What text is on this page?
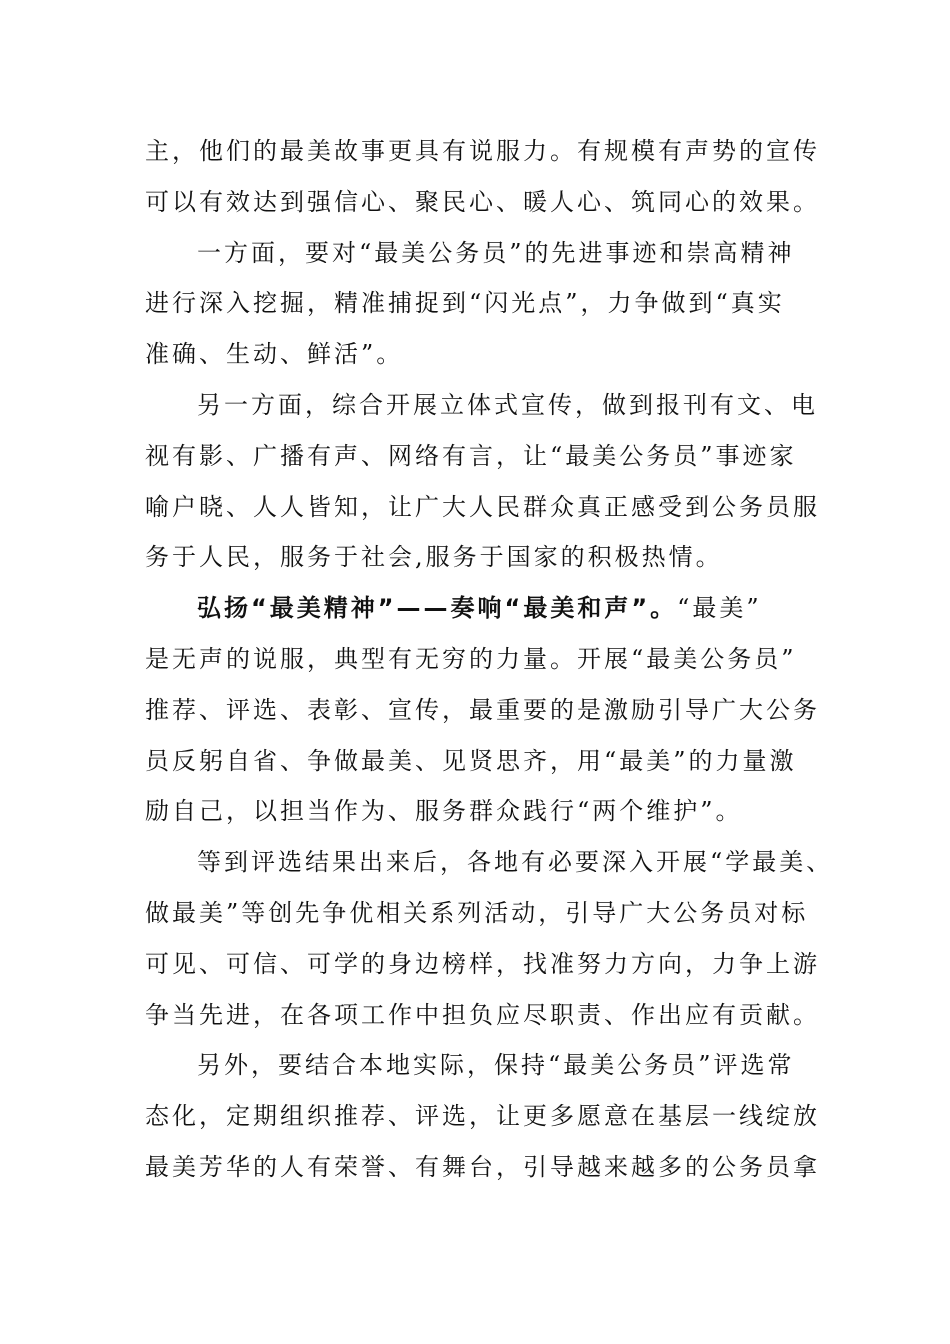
主，他们的最美故事更具有说服力。有规模有声势的宣传

可以有效达到强信心、聚民心、暖人心、筑同心的效果。

一方面，要对“最美公务员”的先进事迹和崇高精神

进行深入挖掘，精准捕捉到“闪光点”，力争做到“真实

准确、生动、鲜活”。

另一方面，综合开展立体式宣传，做到报刊有文、电

视有影、广播有声、网络有言，让“最美公务员”事迹家

喻户晓、人人皆知，让广大人民群众真正感受到公务员服

务于人民，服务于社会,服务于国家的积极热情。

弘扬“最美精神”——奏响“最美和声”。“最美”

是无声的说服，典型有无穷的力量。开展“最美公务员”

推荐、评选、表彰、宣传，最重要的是激励引导广大公务

员反躬自省、争做最美、见贤思齐，用“最美”的力量激

励自己，以担当作为、服务群众践行“两个维护”。

等到评选结果出来后，各地有必要深入开展“学最美、

做最美”等创先争优相关系列活动，引导广大公务员对标

可见、可信、可学的身边榜样，找准努力方向，力争上游

争当先进，在各项工作中担负应尽职责、作出应有贡献。

另外，要结合本地实际，保持“最美公务员”评选常

态化，定期组织推荐、评选，让更多愿意在基层一线绽放

最美芳华的人有荣誉、有舞台，引导越来越多的公务员拿
